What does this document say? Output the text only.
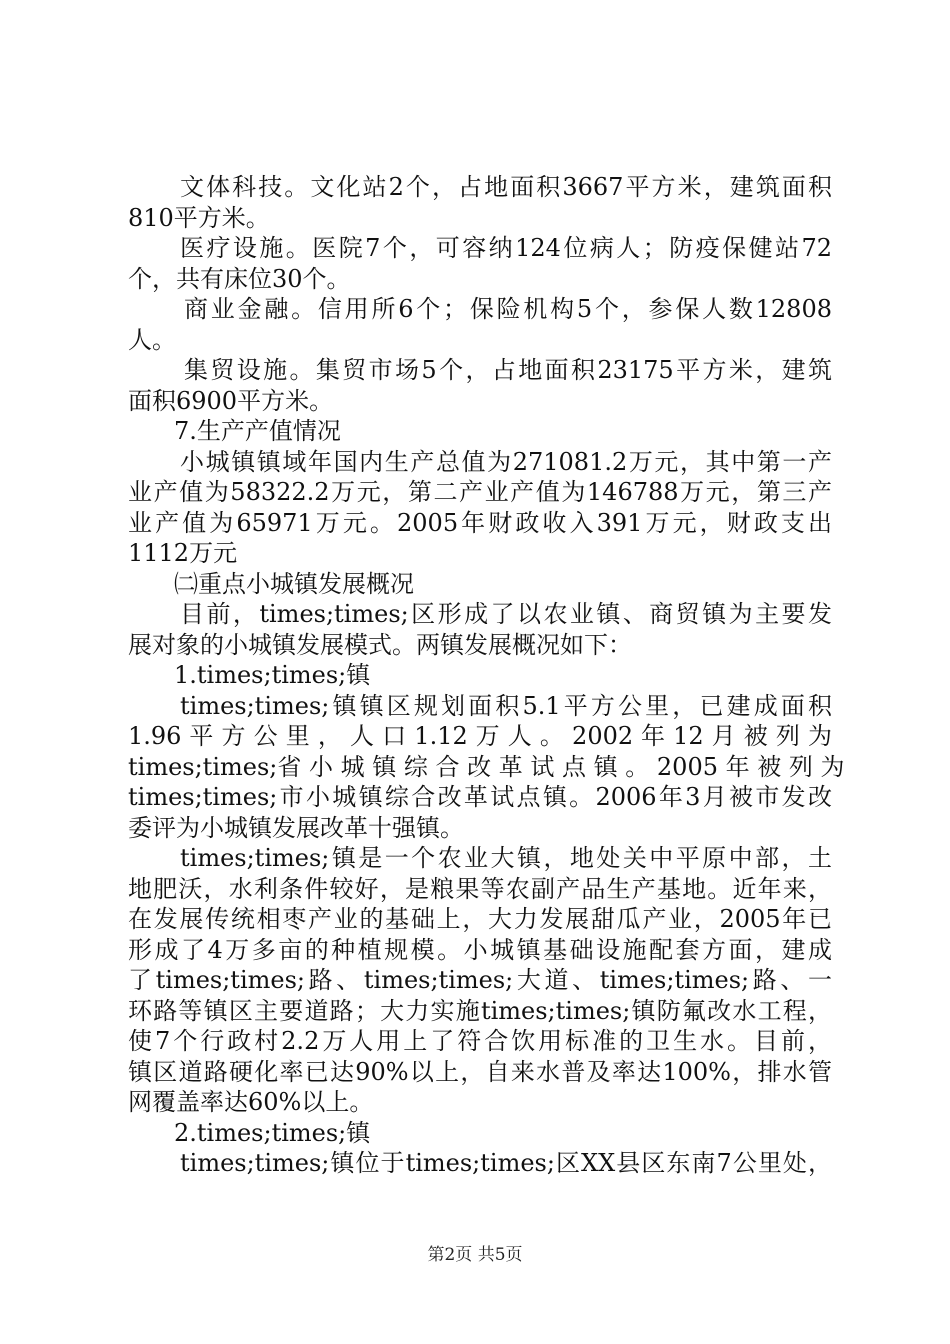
文体科技。文化站2个，占地面积3667平方米，建筑面积
810平方米。
医疗设施。医院7个，可容纳124位病人；防疫保健站72
个，共有床位30个。
商业金融。信用所6个；保险机构5个，参保人数12808
人。
集贸设施。集贸市场5个，占地面积23175平方米，建筑
面积6900平方米。
7.生产产值情况
小城镇镇域年国内生产总值为271081.2万元，其中第一产
业产值为58322.2万元，第二产业产值为146788万元，第三产
业产值为65971万元。2005年财政收入391万元，财政支出
1112万元
㈡重点小城镇发展概况
目前，times;times;区形成了以农业镇、商贸镇为主要发
展对象的小城镇发展模式。两镇发展概况如下：
1.times;times;镇
times;times;镇镇区规划面积5.1平方公里，已建成面积
1.96 平 方 公 里 ， 人 口 1.12 万 人 。 2002 年 12 月 被 列 为
times;times;省 小 城 镇 综 合 改 革 试 点 镇 。 2005 年 被 列 为
times;times;市小城镇综合改革试点镇。2006年3月被市发改
委评为小城镇发展改革十强镇。
times;times;镇是一个农业大镇，地处关中平原中部，土
地肥沃，水利条件较好，是粮果等农副产品生产基地。近年来，
在发展传统相枣产业的基础上，大力发展甜瓜产业，2005年已
形成了4万多亩的种植规模。小城镇基础设施配套方面，建成
了times;times;路、times;times;大道、times;times;路、一
环路等镇区主要道路；大力实施times;times;镇防氟改水工程，
使7个行政村2.2万人用上了符合饮用标准的卫生水。目前，
镇区道路硬化率已达90%以上，自来水普及率达100%，排水管
网覆盖率达60%以上。
2.times;times;镇
times;times;镇位于times;times;区XX县区东南7公里处，
第2页 共5页
